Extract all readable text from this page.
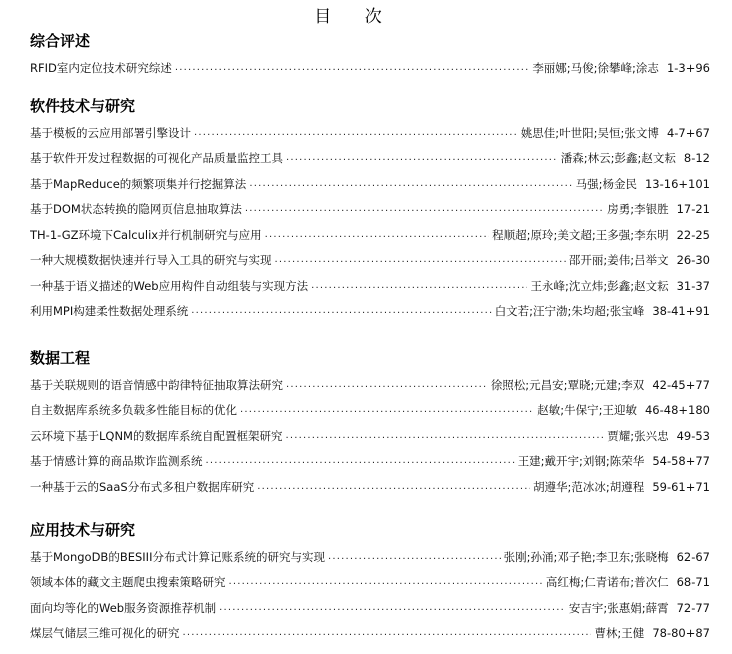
目 次
综合评述
RFID室内定位技术研究综述 .....	李丽娜;马俊;徐攀峰;涂志 1-3+96
软件技术与研究
基于模板的云应用部署引擎设计 .....	姚思佳;叶世阳;吴恒;张文博 4-7+67
基于软件开发过程数据的可视化产品质量监控工具 .....	潘森;林云;彭鑫;赵文耘 8-12
基于MapReduce的频繁项集并行挖掘算法 .....	马强;杨金民 13-16+101
基于DOM状态转换的隐网页信息抽取算法 .....	房勇;李银胜 17-21
TH-1-GZ环境下Calculix并行机制研究与应用 .....	程顺超;原玲;美文超;王多强;李东明 22-25
一种大规模数据快速并行导入工具的研究与实现 .....	邵开丽;姜伟;吕举文 26-30
一种基于语义描述的Web应用构件自动组装与实现方法 .....	王永峰;沈立炜;彭鑫;赵文耘 31-37
利用MPI构建柔性数据处理系统 .....	白文若;汪宁渤;朱均超;张宝峰 38-41+91
数据工程
基于关联规则的语音情感中韵律特征抽取算法研究 .....	徐照松;元昌安;覃晓;元建;李双 42-45+77
自主数据库系统多负载多性能目标的优化 .....	赵敏;牛保宁;王迎敏 46-48+180
云环境下基于LQNM的数据库系统自配置框架研究 .....	贾耀;张兴忠 49-53
基于情感计算的商品欺诈监测系统 .....	王建;戴开宇;刘钢;陈荣华 54-58+77
一种基于云的SaaS分布式多租户数据库研究 .....	胡遵华;范冰冰;胡遵程 59-61+71
应用技术与研究
基于MongoDB的BESIII分布式计算记账系统的研究与实现 .....	张刚;孙涌;邓子艳;李卫东;张晓梅 62-67
领域本体的藏文主题爬虫搜索策略研究 .....	高红梅;仁青诺布;普次仁 68-71
面向均等化的Web服务资源推荐机制 .....	安吉宇;张惠娟;薛霄 72-77
煤层气储层三维可视化的研究 .....	曹林;王健 78-80+87
